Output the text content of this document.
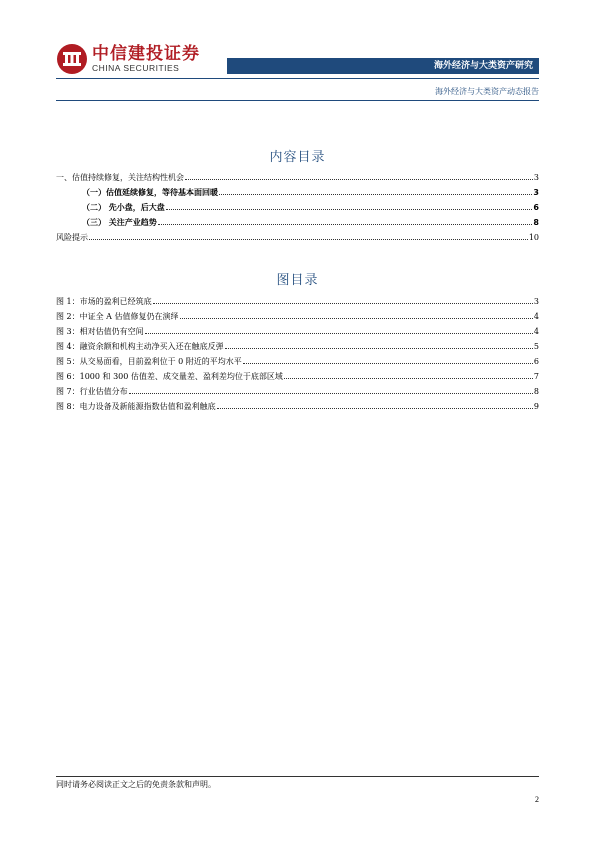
中信建投证券
CHINA SECURITIES	海外经济与大类资产研究
海外经济与大类资产动态报告
内容目录
一、估值持续修复，关注结构性机会	3
（一）估值延续修复，等待基本面回暖	3
（二） 先小盘，后大盘	6
（三） 关注产业趋势	8
风险提示	10
图目录
图 1：市场的盈利已经筑底	3
图 2：中证全 A 估值修复仍在演绎	4
图 3：相对估值仍有空间	4
图 4：融资余额和机构主动净买入还在触底反弹	5
图 5：从交易面看，目前盈利位于 0 附近的平均水平	6
图 6：1000 和 300 估值差、成交量差、盈利差均位于底部区域	7
图 7：行业估值分布	8
图 8：电力设备及新能源指数估值和盈利触底	9
同时请务必阅读正文之后的免责条款和声明。
2
